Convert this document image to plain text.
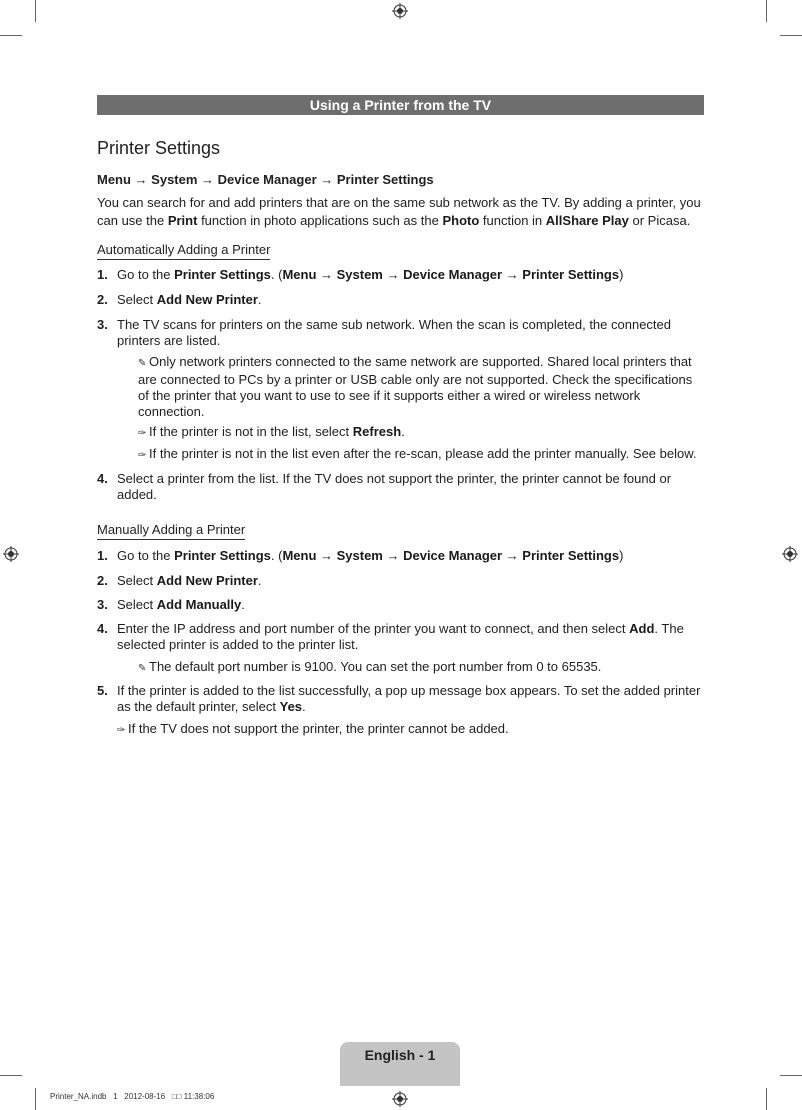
Using a Printer from the TV
Printer Settings
Menu → System → Device Manager → Printer Settings
You can search for and add printers that are on the same sub network as the TV. By adding a printer, you can use the Print function in photo applications such as the Photo function in AllShare Play or Picasa.
Automatically Adding a Printer
1. Go to the Printer Settings. (Menu → System → Device Manager → Printer Settings)
2. Select Add New Printer.
3. The TV scans for printers on the same sub network. When the scan is completed, the connected printers are listed.
✎ Only network printers connected to the same network are supported. Shared local printers that are connected to PCs by a printer or USB cable only are not supported. Check the specifications of the printer that you want to use to see if it supports either a wired or wireless network connection.
✑ If the printer is not in the list, select Refresh.
✑ If the printer is not in the list even after the re-scan, please add the printer manually. See below.
4. Select a printer from the list. If the TV does not support the printer, the printer cannot be found or added.
Manually Adding a Printer
1. Go to the Printer Settings. (Menu → System → Device Manager → Printer Settings)
2. Select Add New Printer.
3. Select Add Manually.
4. Enter the IP address and port number of the printer you want to connect, and then select Add. The selected printer is added to the printer list.
✎ The default port number is 9100. You can set the port number from 0 to 65535.
5. If the printer is added to the list successfully, a pop up message box appears. To set the added printer as the default printer, select Yes.
✑ If the TV does not support the printer, the printer cannot be added.
English - 1
Printer_NA.indb   1   2012-08-16   □□ 11:38:06
